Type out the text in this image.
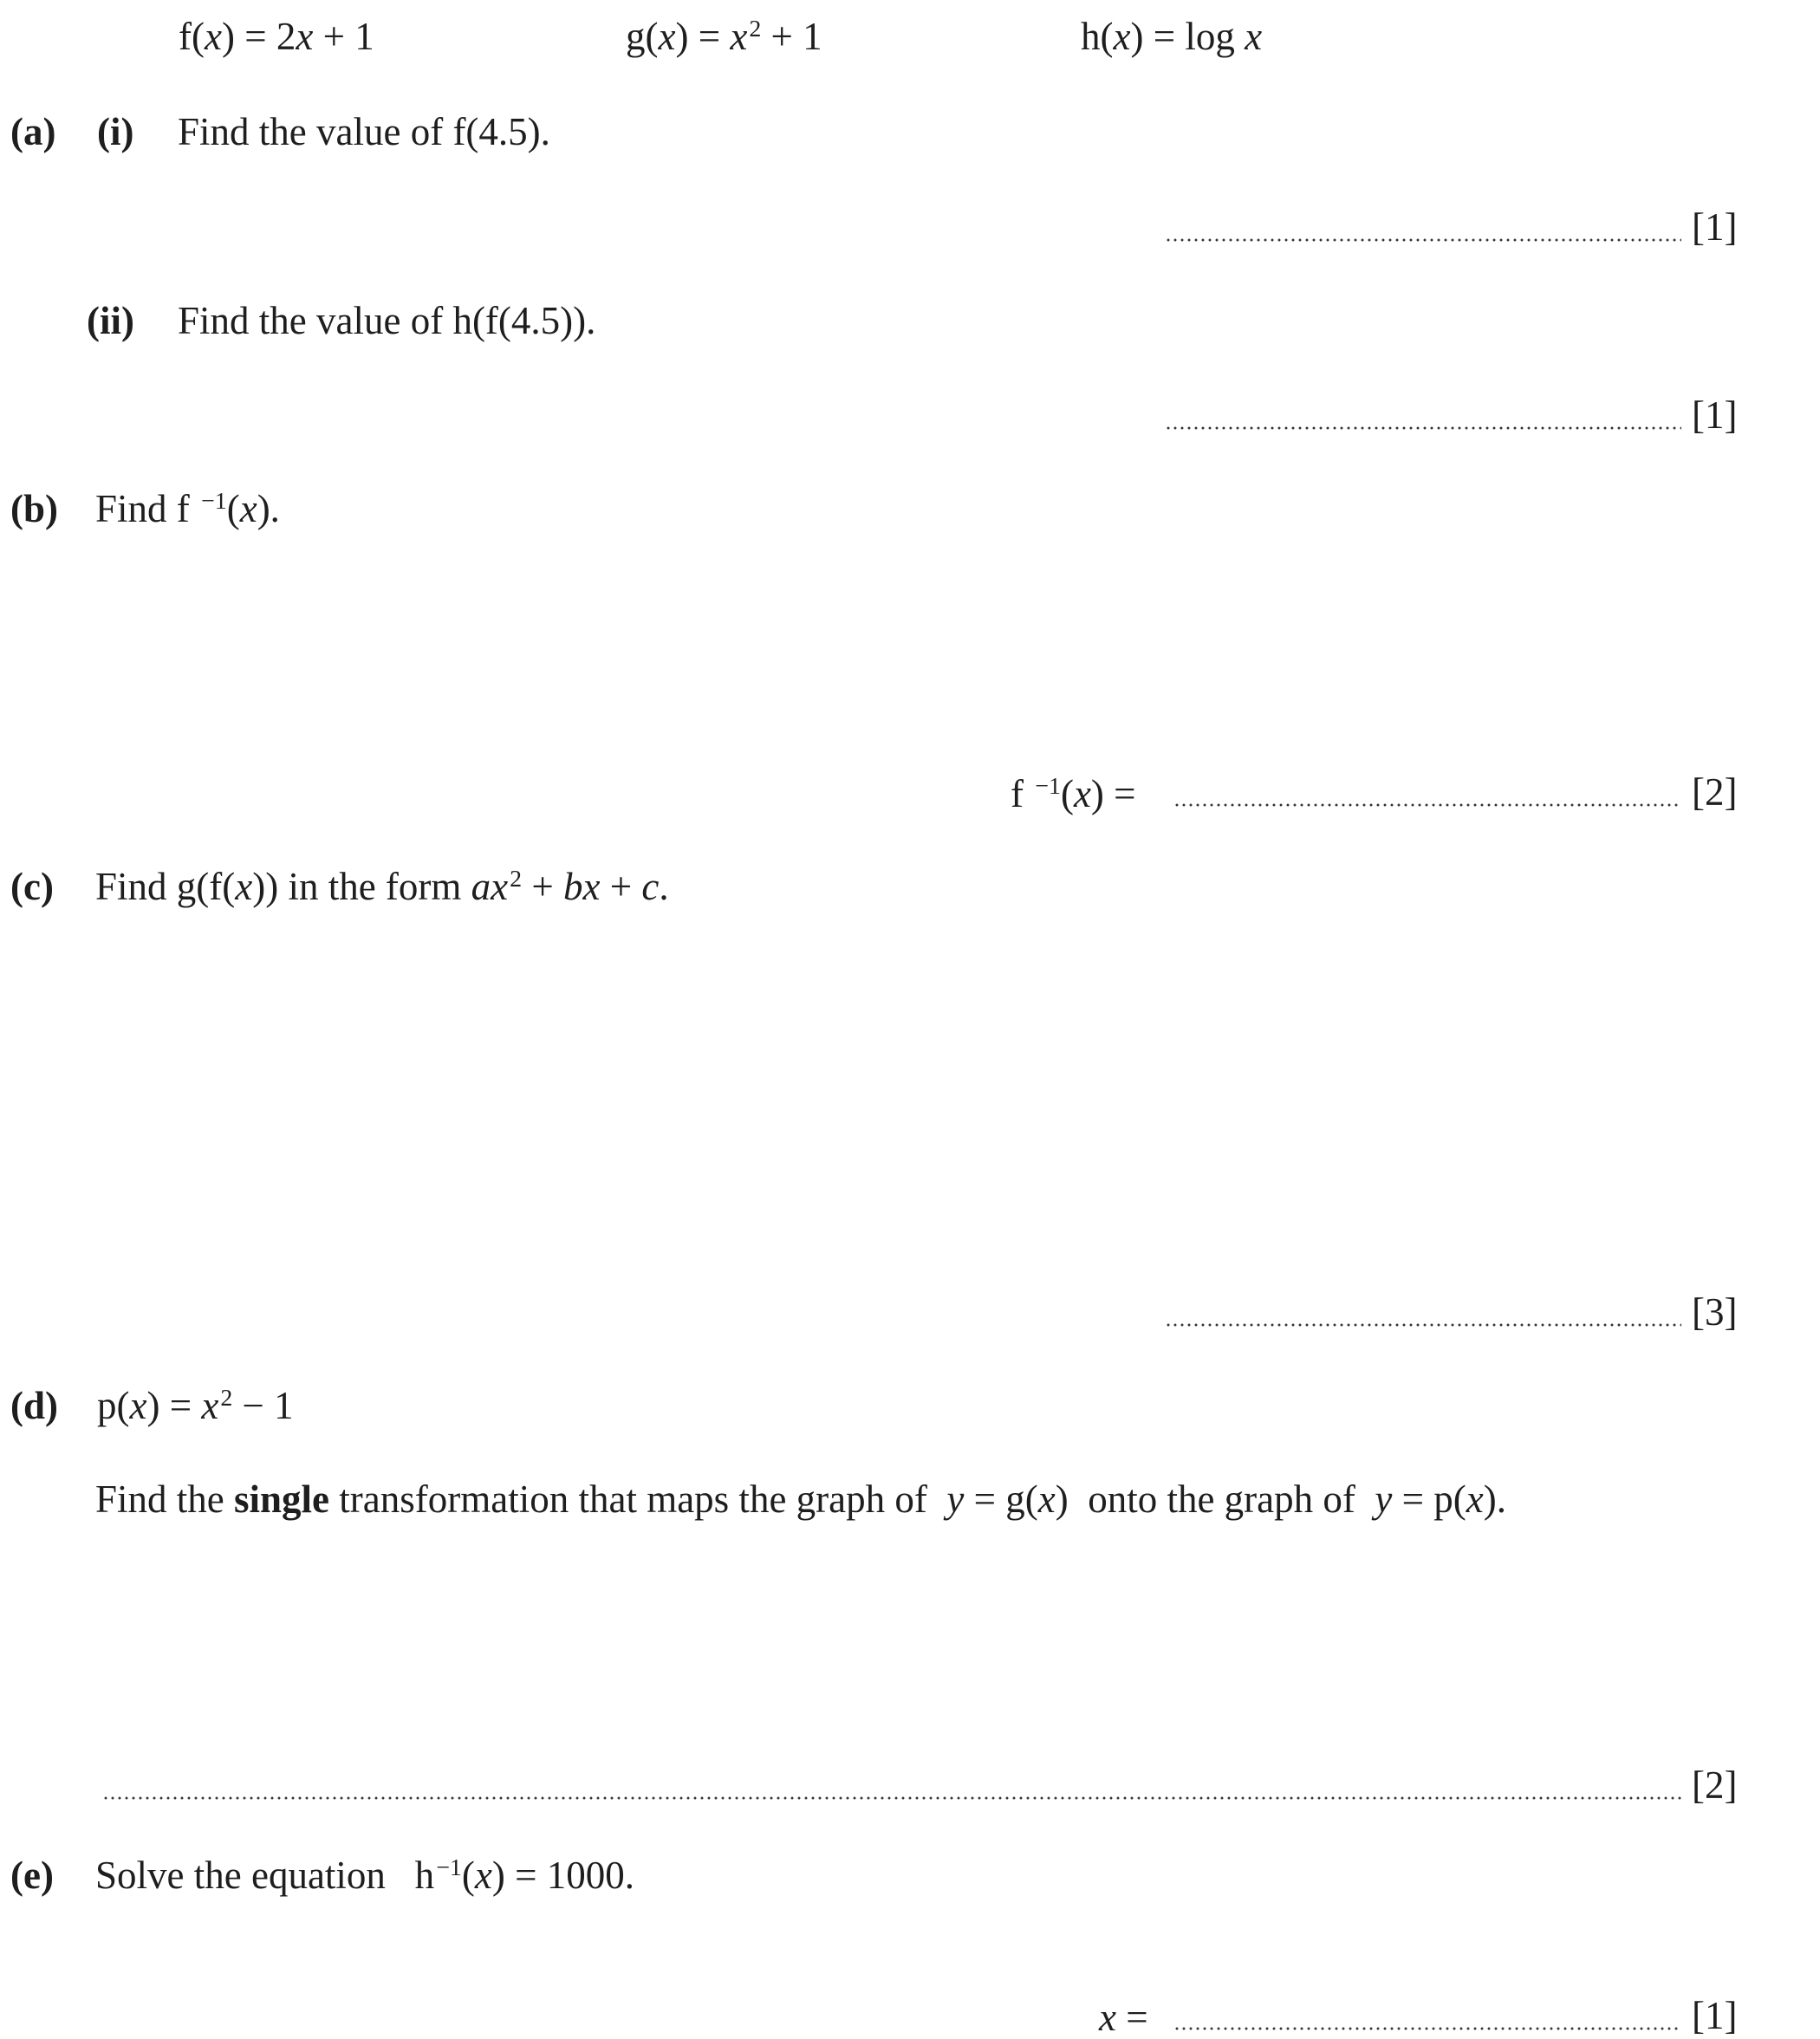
f(x) = 2x + 1	$g(x) = x^2 + 1$	h(x) = log x
(a) (i) Find the value of f(4.5).
[1]
(ii) Find the value of h(f(4.5)).
[1]
(b) Find f $^{-1}$(x).
f $^{-1}$(x) =	[2]
(c) Find g(f(x)) in the form $ax^2$ + bx + c.
[3]
(d) $p(x) = x^2 - 1$
Find the single transformation that maps the graph of  y = g(x)  onto the graph of  y = p(x).
[2]
(e) Solve the equation   $h^{-1}(x) = 1000$.
x =	[1]
